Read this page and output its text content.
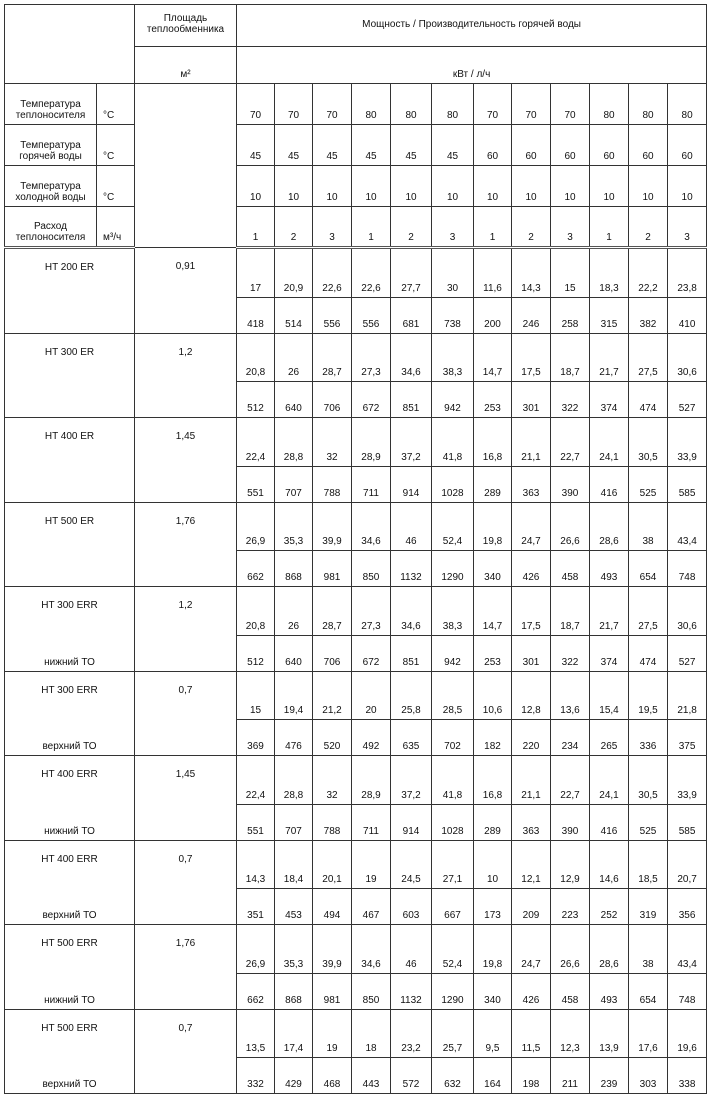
		Площадь теплообменника	Мощность / Производительность горячей воды											
		м²	кВт / л/ч											
Температура теплоносителя	°C		70	70	70	80	80	80	70	70	70	80	80	80
Температура горячей воды	°C		45	45	45	45	45	45	60	60	60	60	60	60
Температура холодной воды	°C		10	10	10	10	10	10	10	10	10	10	10	10
Расход теплоносителя	м³/ч		1	2	3	1	2	3	1	2	3	1	2	3
HT 200 ER		0,91	17	20,9	22,6	22,6	27,7	30	11,6	14,3	15	18,3	22,2	23,8
			418	514	556	556	681	738	200	246	258	315	382	410
HT 300 ER		1,2	20,8	26	28,7	27,3	34,6	38,3	14,7	17,5	18,7	21,7	27,5	30,6
			512	640	706	672	851	942	253	301	322	374	474	527
HT 400 ER		1,45	22,4	28,8	32	28,9	37,2	41,8	16,8	21,1	22,7	24,1	30,5	33,9
			551	707	788	711	914	1028	289	363	390	416	525	585
HT 500 ER		1,76	26,9	35,3	39,9	34,6	46	52,4	19,8	24,7	26,6	28,6	38	43,4
			662	868	981	850	1132	1290	340	426	458	493	654	748
HT 300 ERR		1,2	20,8	26	28,7	27,3	34,6	38,3	14,7	17,5	18,7	21,7	27,5	30,6
нижний ТО			512	640	706	672	851	942	253	301	322	374	474	527
HT 300 ERR		0,7	15	19,4	21,2	20	25,8	28,5	10,6	12,8	13,6	15,4	19,5	21,8
верхний ТО			369	476	520	492	635	702	182	220	234	265	336	375
HT 400 ERR		1,45	22,4	28,8	32	28,9	37,2	41,8	16,8	21,1	22,7	24,1	30,5	33,9
нижний ТО			551	707	788	711	914	1028	289	363	390	416	525	585
HT 400 ERR		0,7	14,3	18,4	20,1	19	24,5	27,1	10	12,1	12,9	14,6	18,5	20,7
верхний ТО			351	453	494	467	603	667	173	209	223	252	319	356
HT 500 ERR		1,76	26,9	35,3	39,9	34,6	46	52,4	19,8	24,7	26,6	28,6	38	43,4
нижний ТО			662	868	981	850	1132	1290	340	426	458	493	654	748
HT 500 ERR		0,7	13,5	17,4	19	18	23,2	25,7	9,5	11,5	12,3	13,9	17,6	19,6
верхний ТО			332	429	468	443	572	632	164	198	211	239	303	338
